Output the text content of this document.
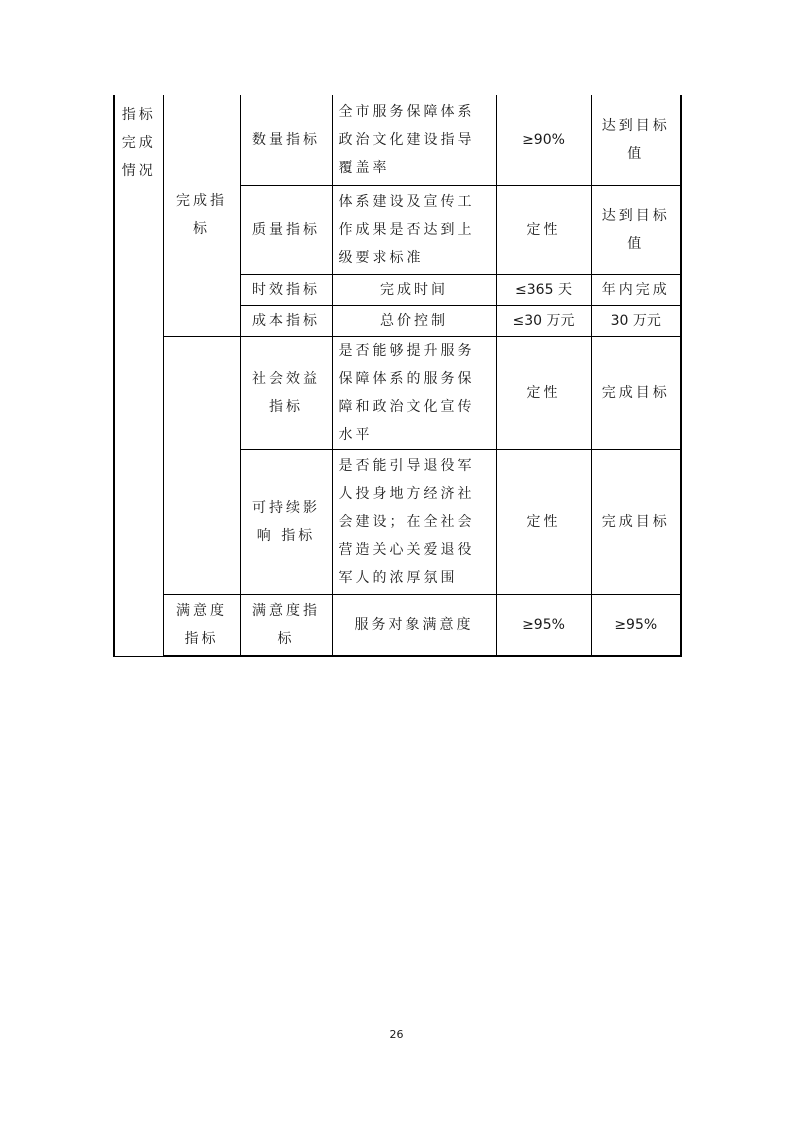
指标完成情况	完成指标	数量指标	全市服务保障体系政治文化建设指导覆盖率	≥90%	达到目标值
		质量指标	体系建设及宣传工作成果是否达到上级要求标准	定性	达到目标值
		时效指标	完成时间	≤365 天	年内完成
		成本指标	总价控制	≤30 万元	30 万元
		社会效益指标	是否能够提升服务保障体系的服务保障和政治文化宣传水平	定性	完成目标
		可持续影响 指标	是否能引导退役军人投身地方经济社会建设；在全社会营造关心关爱退役军人的浓厚氛围	定性	完成目标
	满意度指标	满意度指标	服务对象满意度	≥95%	≥95%
26
